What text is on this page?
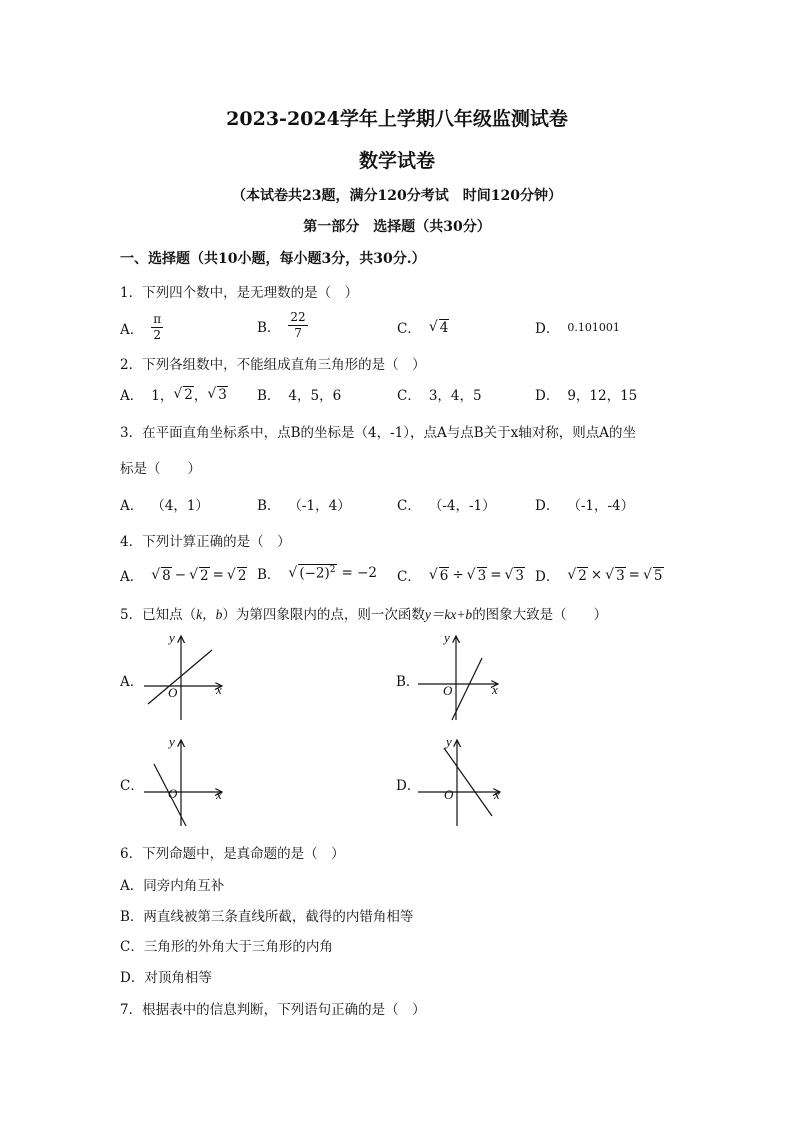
2023-2024学年上学期八年级监测试卷
数学试卷
（本试卷共23题，满分120分考试　时间120分钟）
第一部分　选择题（共30分）
一、选择题（共10小题，每小题3分，共30分.）
1．下列四个数中，是无理数的是（　）
A． $\frac{\pi}{2}$	B． $\frac{22}{7}$	C． √ 4	D． 0.101001
2．下列各组数中，不能组成直角三角形的是（　）
A． 1， √ 2 ， √ 3 B． 4，5，6	C． 3，4，5	D． 9，12，15
3．在平面直角坐标系中，点B的坐标是（4，-1），点A与点B关于x轴对称，则点A的坐
标是（　　）
A． （4，1）	B． （-1，4）	C． （-4，-1）	D． （-1，-4）
4．下列计算正确的是（　）
A． √ 8 − √ 2 = √ 2 B． √ $(-2)^2 = -2$ C． √ 6 ÷ √ 3 = √ 3 D． √ 2 × √ 3 = √ 5
5．已知点（k，b）为第四象限内的点，则一次函数y＝kx+b的图象大致是（　　）
A．
y
x
O
B．
y
x
O
C．
y
x
O	D．
y
x
O
6．下列命题中，是真命题的是（　）
A．同旁内角互补
B．两直线被第三条直线所截，截得的内错角相等
C．三角形的外角大于三角形的内角
D．对顶角相等
7．根据表中的信息判断，下列语句正确的是（　）
